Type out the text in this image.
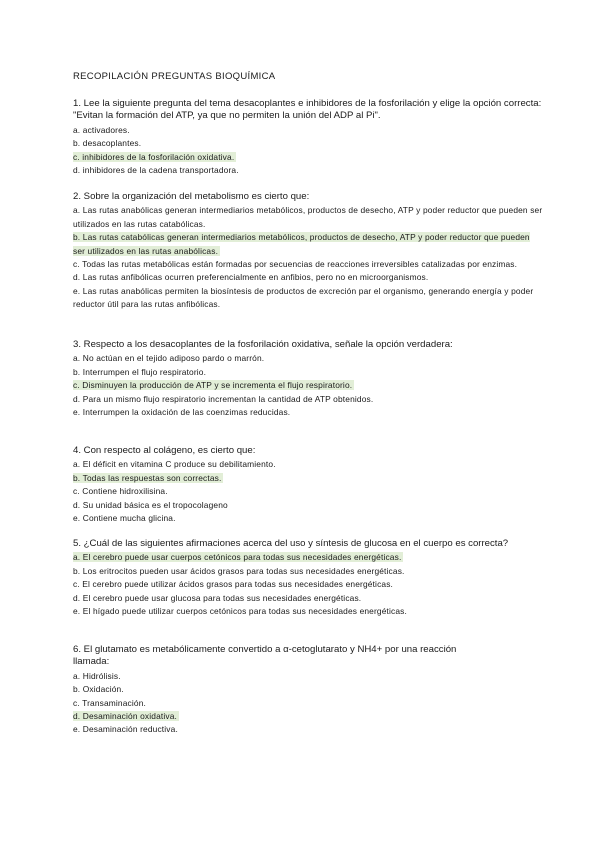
RECOPILACIÓN PREGUNTAS BIOQUÍMICA

1. Lee la siguiente pregunta del tema desacoplantes e inhibidores de la fosforilación y elige la opción correcta: "Evitan la formación del ATP, ya que no permiten la unión del ADP al Pi".

a. activadores.
b. desacoplantes.
c. inhibidores de la fosforilación oxidativa.
d. inhibidores de la cadena transportadora.

2. Sobre la organización del metabolismo es cierto que:

a. Las rutas anabólicas generan intermediarios metabólicos, productos de desecho, ATP y poder reductor que pueden ser utilizados en las rutas catabólicas.
b. Las rutas catabólicas generan intermediarios metabólicos, productos de desecho, ATP y poder reductor que pueden ser utilizados en las rutas anabólicas.
c. Todas las rutas metabólicas están formadas por secuencias de reacciones irreversibles catalizadas por enzimas.
d. Las rutas anfibólicas ocurren preferencialmente en anfibios, pero no en microorganismos.
e. Las rutas anabólicas permiten la biosíntesis de productos de excreción par el organismo, generando energía y poder reductor útil para las rutas anfibólicas.

3. Respecto a los desacoplantes de la fosforilación oxidativa, señale la opción verdadera:

a. No actúan en el tejido adiposo pardo o marrón.
b. Interrumpen el flujo respiratorio.
c. Disminuyen la producción de ATP y se incrementa el flujo respiratorio.
d. Para un mismo flujo respiratorio incrementan la cantidad de ATP obtenidos.
e. Interrumpen la oxidación de las coenzimas reducidas.

4. Con respecto al colágeno, es cierto que:

a. El déficit en vitamina C produce su debilitamiento.
b. Todas las respuestas son correctas.
c. Contiene hidroxilisina.
d. Su unidad básica es el tropocolageno
e. Contiene mucha glicina.

5. ¿Cuál de las siguientes afirmaciones acerca del uso y síntesis de glucosa en el cuerpo es correcta?

a. El cerebro puede usar cuerpos cetónicos para todas sus necesidades energéticas.
b. Los eritrocitos pueden usar ácidos grasos para todas sus necesidades energéticas.
c. El cerebro puede utilizar ácidos grasos para todas sus necesidades energéticas.
d. El cerebro puede usar glucosa para todas sus necesidades energéticas.
e. El hígado puede utilizar cuerpos cetónicos para todas sus necesidades energéticas.

6. El glutamato es metabólicamente convertido a α-cetoglutarato y NH4+ por una reacción llamada:

a. Hidrólisis.
b. Oxidación.
c. Transaminación.
d. Desaminación oxidativa.
e. Desaminación reductiva.
